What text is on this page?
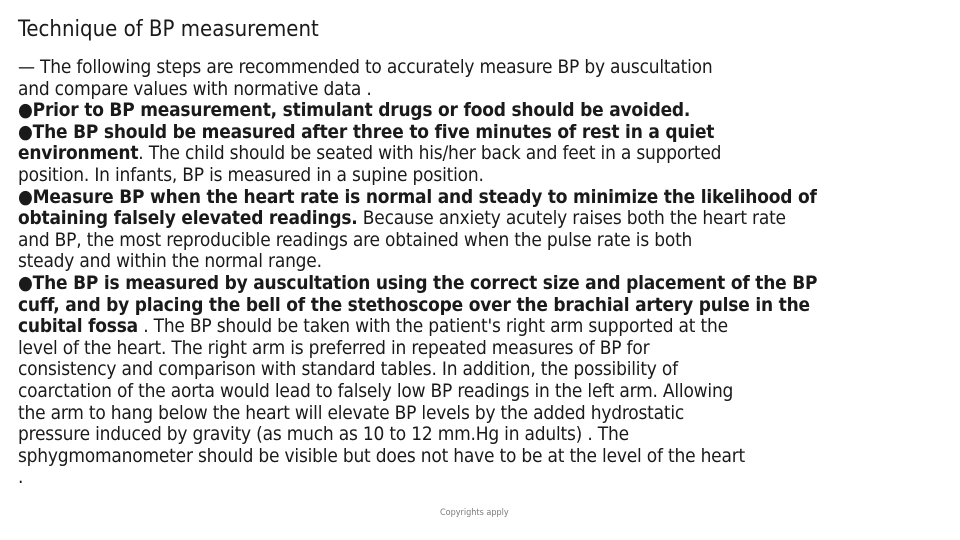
Technique of BP measurement
— The following steps are recommended to accurately measure BP by auscultation
and compare values with normative data .
●Prior to BP measurement, stimulant drugs or food should be avoided.
●The BP should be measured after three to five minutes of rest in a quiet
environment. The child should be seated with his/her back and feet in a supported
position. In infants, BP is measured in a supine position.
●Measure BP when the heart rate is normal and steady to minimize the likelihood of
obtaining falsely elevated readings. Because anxiety acutely raises both the heart rate
and BP, the most reproducible readings are obtained when the pulse rate is both
steady and within the normal range.
●The BP is measured by auscultation using the correct size and placement of the BP
cuff, and by placing the bell of the stethoscope over the brachial artery pulse in the
cubital fossa . The BP should be taken with the patient's right arm supported at the
level of the heart. The right arm is preferred in repeated measures of BP for
consistency and comparison with standard tables. In addition, the possibility of
coarctation of the aorta would lead to falsely low BP readings in the left arm. Allowing
the arm to hang below the heart will elevate BP levels by the added hydrostatic
pressure induced by gravity (as much as 10 to 12 mm.Hg in adults) . The
sphygmomanometer should be visible but does not have to be at the level of the heart
.
Copyrights apply
